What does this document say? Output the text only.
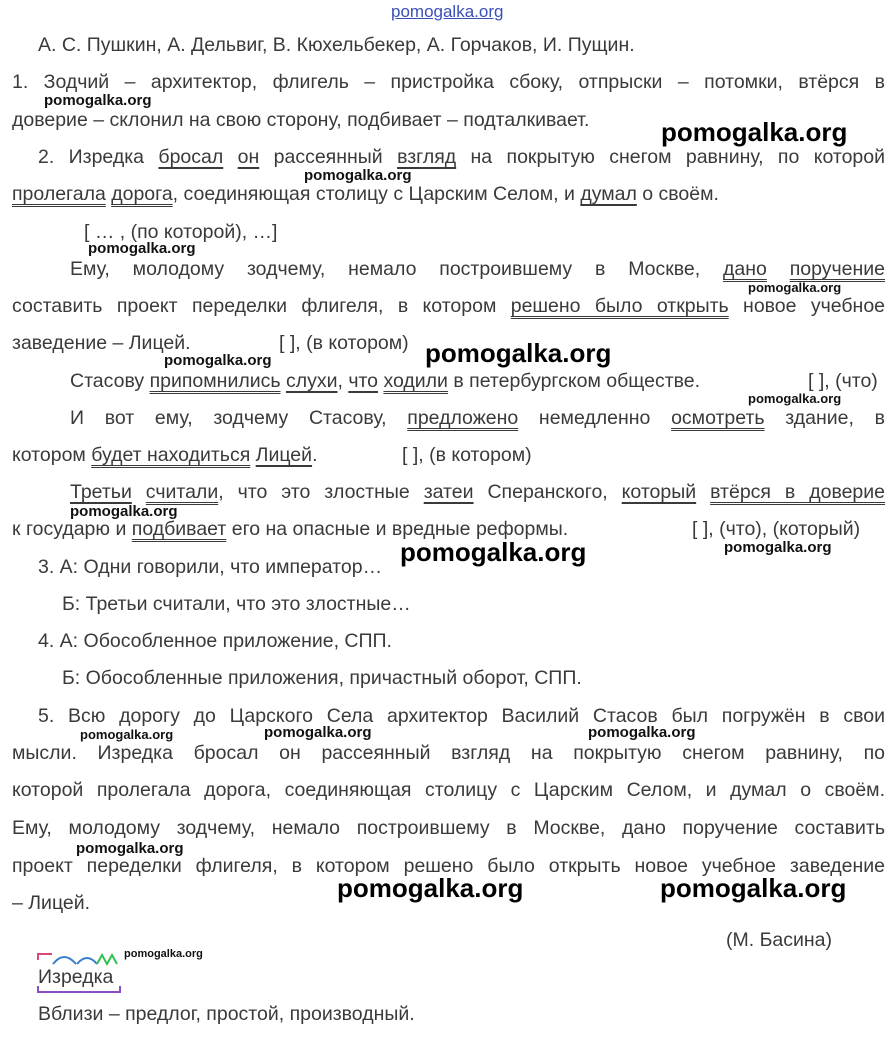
pomogalka.org

А. С. Пушкин, А. Дельвиг, В. Кюхельбекер, А. Горчаков, И. Пущин.

1. Зодчий – архитектор, флигель – пристройка сбоку, отпрыски – потомки, втёрся в

pomogalka.org

доверие – склонил на свою сторону, подбивает – подталкивает.	pomogalka.org

2. Изредка бросал он рассеянный взгляд на покрытую снегом равнину, по которой

pomogalka.org

пролегала дорога, соединяющая столицу с Царским Селом, и думал о своём.

[ … , (по которой), …]

pomogalka.org

Ему, молодому зодчему, немало построившему в Москве, дано поручение

pomogalka.org

составить проект переделки флигеля, в котором решено было открыть новое учебное

заведение – Лицей.	[ ], (в котором) pomogalka.org
pomogalka.org

Стасову припомнились слухи, что ходили в петербургском обществе.	[ ], (что)

pomogalka.org

И вот ему, зодчему Стасову, предложено немедленно осмотреть здание, в

котором будет находиться Лицей.	[ ], (в котором)

Третьи считали, что это злостные затеи Сперанского, который втёрся в доверие

pomogalka.org

к государю и подбивает его на опасные и вредные реформы.	[ ], (что), (который)

pomogalka.org	pomogalka.org

3. А: Одни говорили, что император…

Б: Третьи считали, что это злостные…

4. А: Обособленное приложение, СПП.

Б: Обособленные приложения, причастный оборот, СПП.

5. Всю дорогу до Царского Села архитектор Василий Стасов был погружён в свои

pomogalka.org	pomogalka.org	pomogalka.org

мысли. Изредка бросал он рассеянный взгляд на покрытую снегом равнину, по

которой пролегала дорога, соединяющая столицу с Царским Селом, и думал о своём.

Ему, молодому зодчему, немало построившему в Москве, дано поручение составить

pomogalka.org

проект переделки флигеля, в котором решено было открыть новое учебное заведение

– Лицей.	pomogalka.org	pomogalka.org

(М. Басина)

Изредка
pomogalka.org

Вблизи – предлог, простой, производный.
